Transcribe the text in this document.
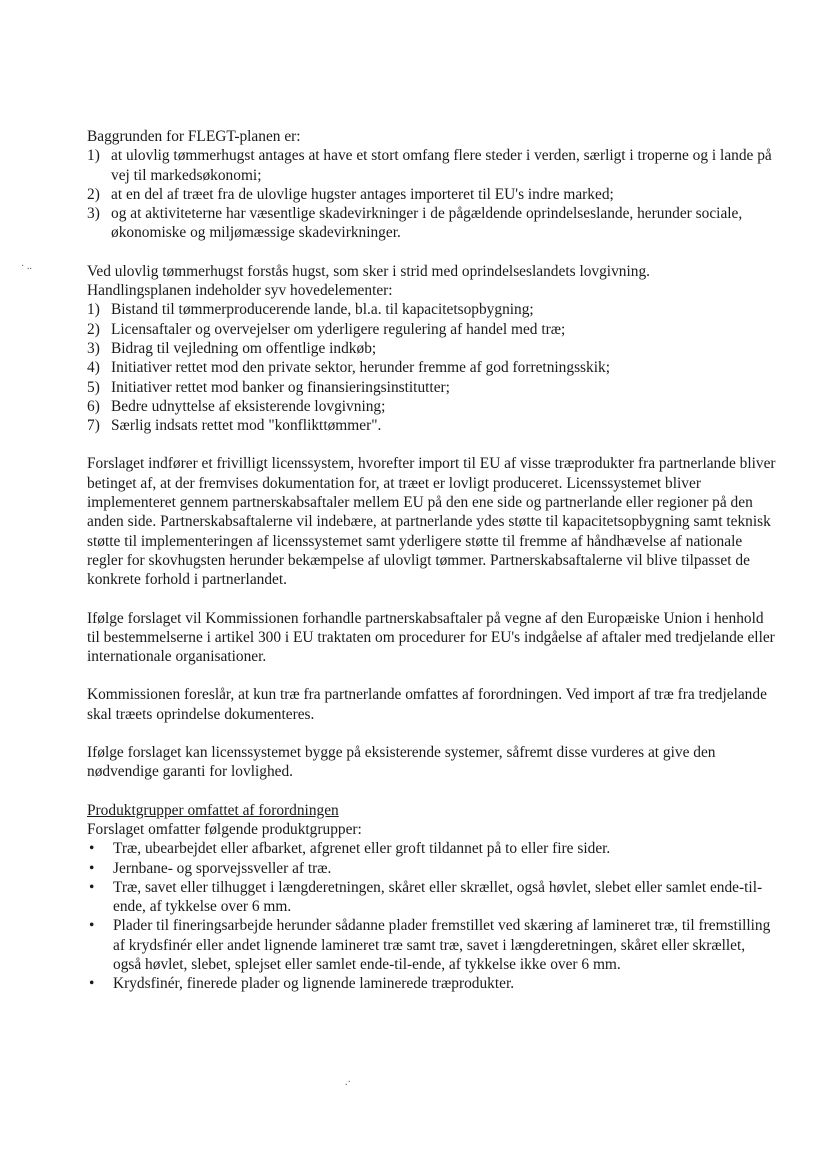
· ..
.·

Baggrunden for FLEGT-planen er:

1) at ulovlig tømmerhugst antages at have et stort omfang flere steder i verden, særligt i troperne og i lande på vej til markedsøkonomi;
2) at en del af træet fra de ulovlige hugster antages importeret til EU's indre marked;
3) og at aktiviteterne har væsentlige skadevirkninger i de pågældende oprindelseslande, herunder sociale, økonomiske og miljømæssige skadevirkninger.

Ved ulovlig tømmerhugst forstås hugst, som sker i strid med oprindelseslandets lovgivning.

Handlingsplanen indeholder syv hovedelementer:

1) Bistand til tømmerproducerende lande, bl.a. til kapacitetsopbygning;
2) Licensaftaler og overvejelser om yderligere regulering af handel med træ;
3) Bidrag til vejledning om offentlige indkøb;
4) Initiativer rettet mod den private sektor, herunder fremme af god forretningsskik;
5) Initiativer rettet mod banker og finansieringsinstitutter;
6) Bedre udnyttelse af eksisterende lovgivning;
7) Særlig indsats rettet mod "konflikttømmer".

Forslaget indfører et frivilligt licenssystem, hvorefter import til EU af visse træprodukter fra partnerlande bliver betinget af, at der fremvises dokumentation for, at træet er lovligt produceret. Licenssystemet bliver implementeret gennem partnerskabsaftaler mellem EU på den ene side og partnerlande eller regioner på den anden side. Partnerskabsaftalerne vil indebære, at partnerlande ydes støtte til kapacitetsopbygning samt teknisk støtte til implementeringen af licenssystemet samt yderligere støtte til fremme af håndhævelse af nationale regler for skovhugsten herunder bekæmpelse af ulovligt tømmer. Partnerskabsaftalerne vil blive tilpasset de konkrete forhold i partnerlandet.

Ifølge forslaget vil Kommissionen forhandle partnerskabsaftaler på vegne af den Europæiske Union i henhold til bestemmelserne i artikel 300 i EU traktaten om procedurer for EU's indgåelse af aftaler med tredjelande eller internationale organisationer.

Kommissionen foreslår, at kun træ fra partnerlande omfattes af forordningen. Ved import af træ fra tredjelande skal træets oprindelse dokumenteres.

Ifølge forslaget kan licenssystemet bygge på eksisterende systemer, såfremt disse vurderes at give den nødvendige garanti for lovlighed.

Produktgrupper omfattet af forordningen

Forslaget omfatter følgende produktgrupper:

• Træ, ubearbejdet eller afbarket, afgrenet eller groft tildannet på to eller fire sider.
• Jernbane- og sporvejssveller af træ.
• Træ, savet eller tilhugget i længderetningen, skåret eller skrællet, også høvlet, slebet eller samlet ende-til-ende, af tykkelse over 6 mm.
• Plader til fineringsarbejde herunder sådanne plader fremstillet ved skæring af lamineret træ, til fremstilling af krydsfinér eller andet lignende lamineret træ samt træ, savet i længderetningen, skåret eller skrællet, også høvlet, slebet, splejset eller samlet ende-til-ende, af tykkelse ikke over 6 mm.
• Krydsfinér, finerede plader og lignende laminerede træprodukter.
